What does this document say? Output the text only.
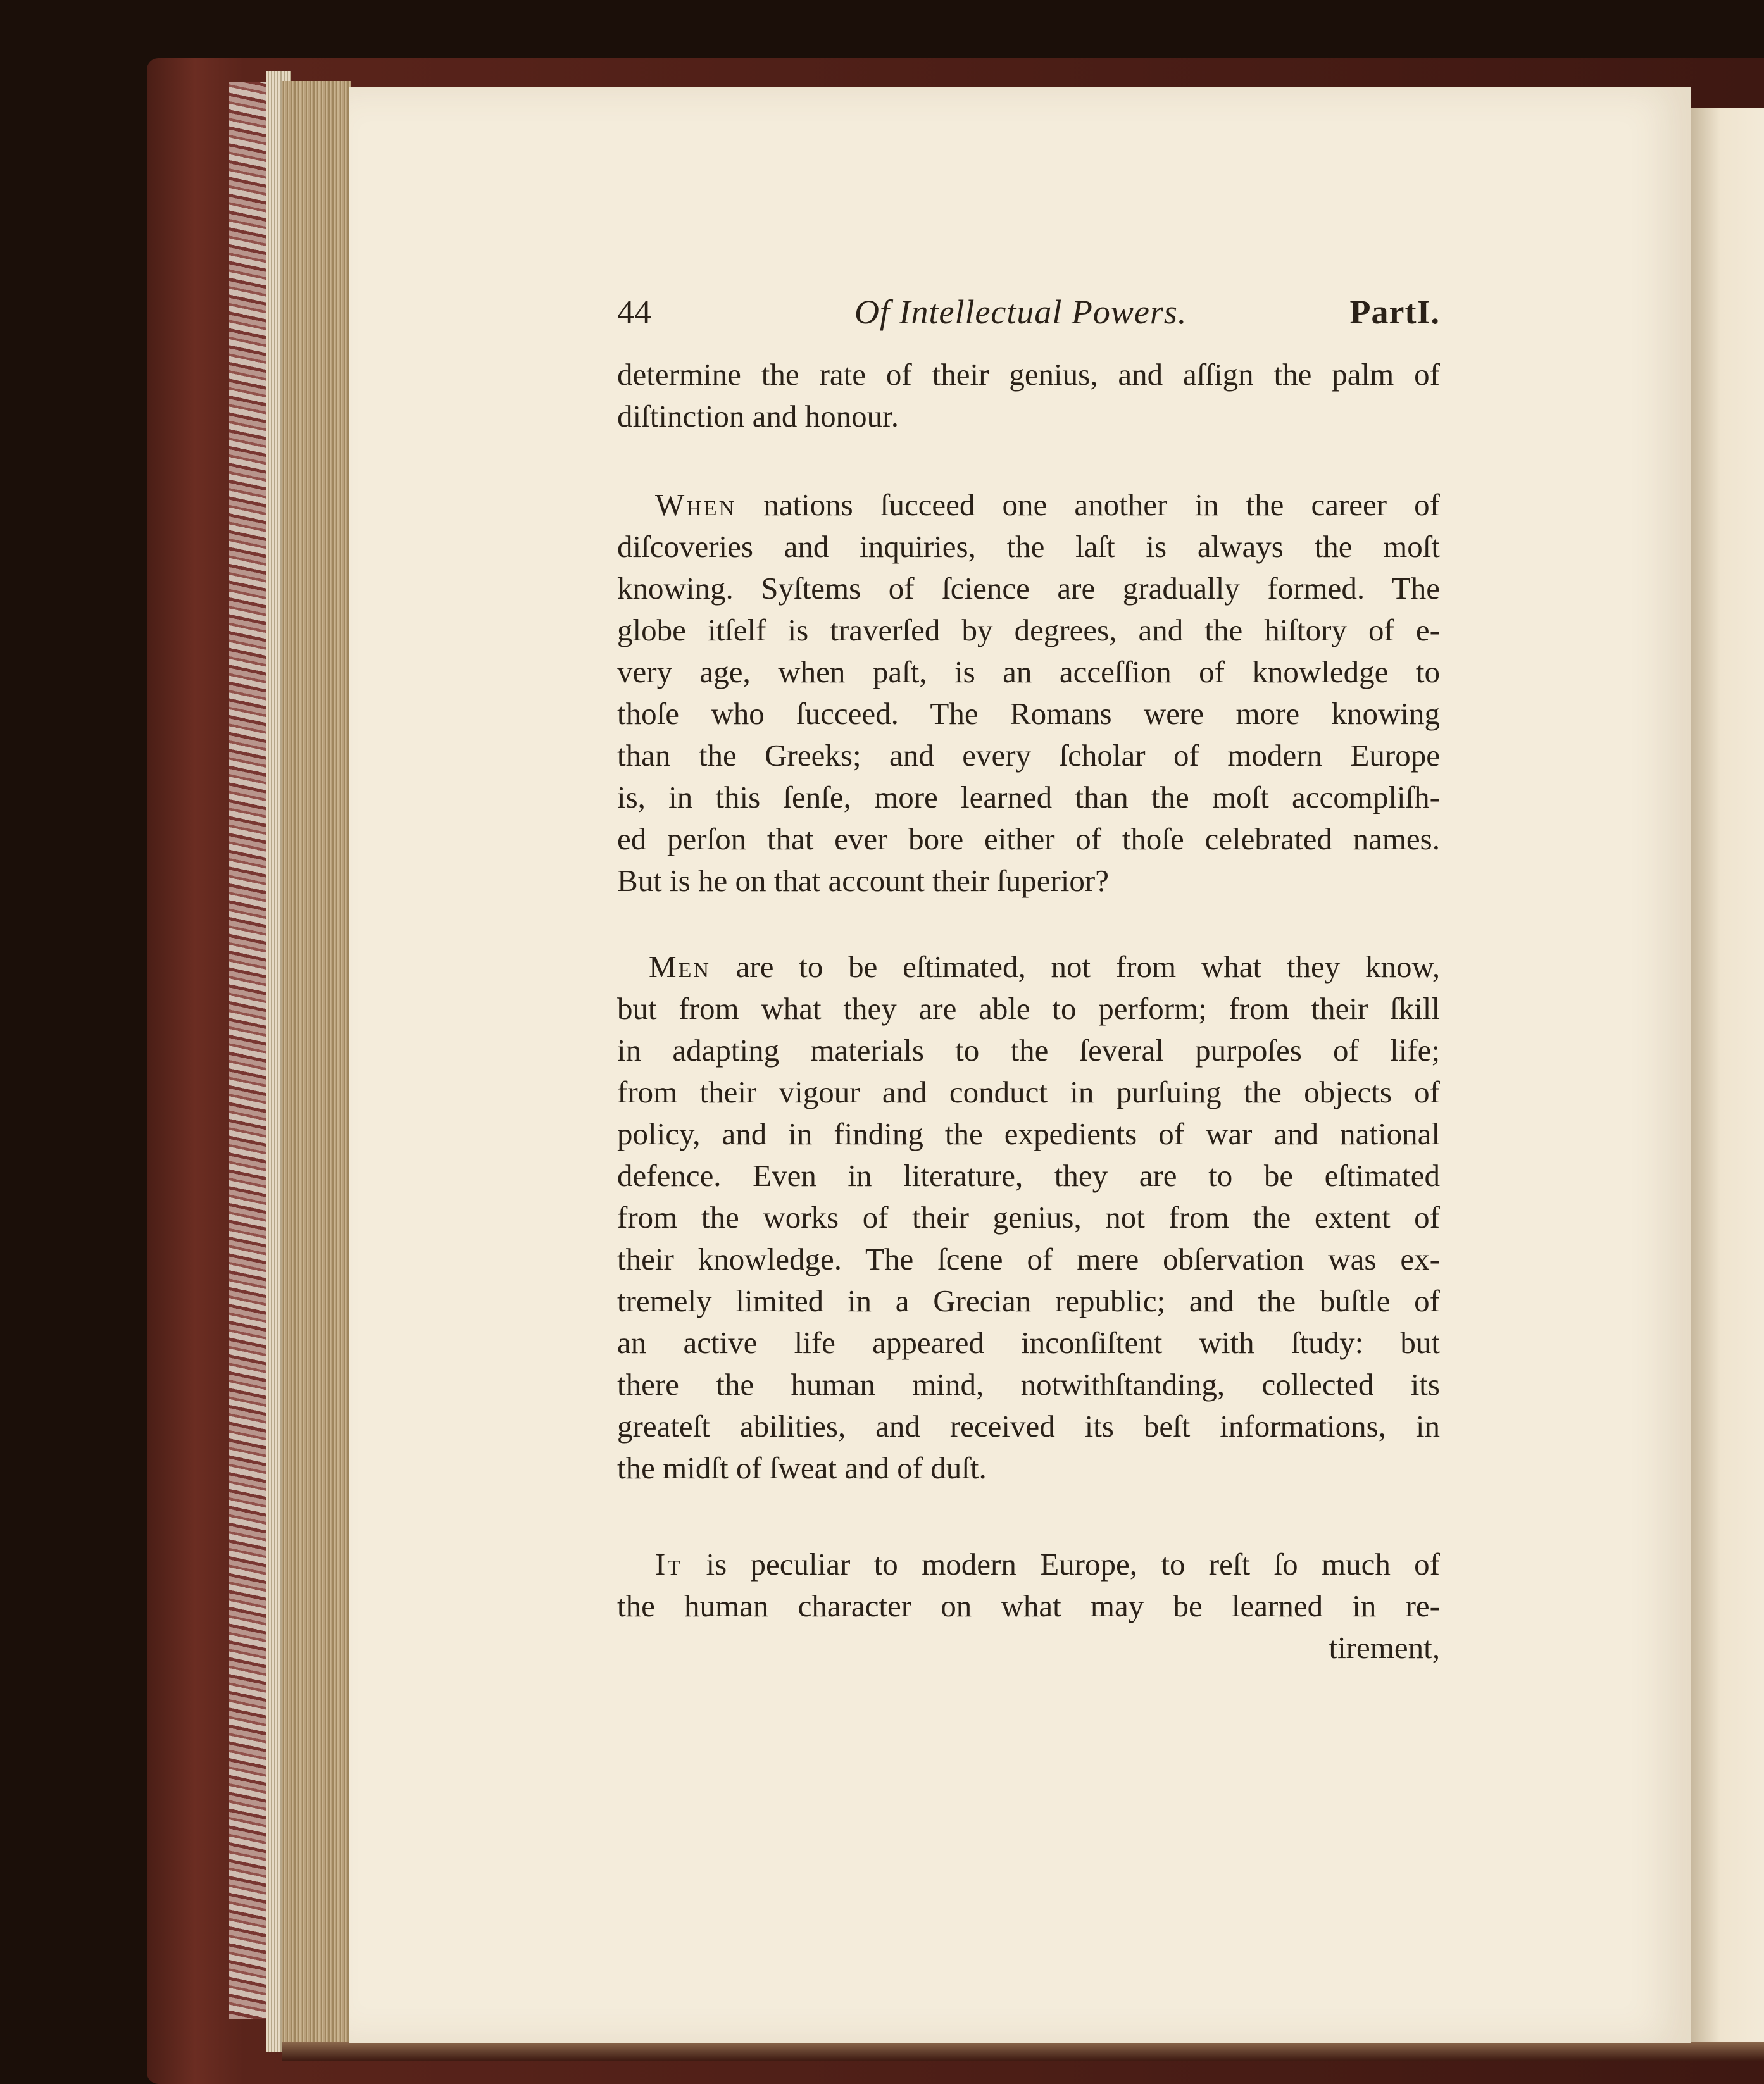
44	Of Intellectual Powers.	PartI.
determine the rate of their genius, and aſſign the palm of
diſtinction and honour.
When nations ſucceed one another in the career of
diſcoveries and inquiries, the laſt is always the moſt
knowing. Syſtems of ſcience are gradually formed. The
globe itſelf is traverſed by degrees, and the hiſtory of e-
very age, when paſt, is an acceſſion of knowledge to
thoſe who ſucceed. The Romans were more knowing
than the Greeks; and every ſcholar of modern Europe
is, in this ſenſe, more learned than the moſt accompliſh-
ed perſon that ever bore either of thoſe celebrated names.
But is he on that account their ſuperior?
Men are to be eſtimated, not from what they know,
but from what they are able to perform; from their ſkill
in adapting materials to the ſeveral purpoſes of life;
from their vigour and conduct in purſuing the objects of
policy, and in finding the expedients of war and national
defence. Even in literature, they are to be eſtimated
from the works of their genius, not from the extent of
their knowledge. The ſcene of mere obſervation was ex-
tremely limited in a Grecian republic; and the buſtle of
an active life appeared inconſiſtent with ſtudy: but
there the human mind, notwithſtanding, collected its
greateſt abilities, and received its beſt informations, in
the midſt of ſweat and of duſt.
It is peculiar to modern Europe, to reſt ſo much of
the human character on what may be learned in re-
tirement,
